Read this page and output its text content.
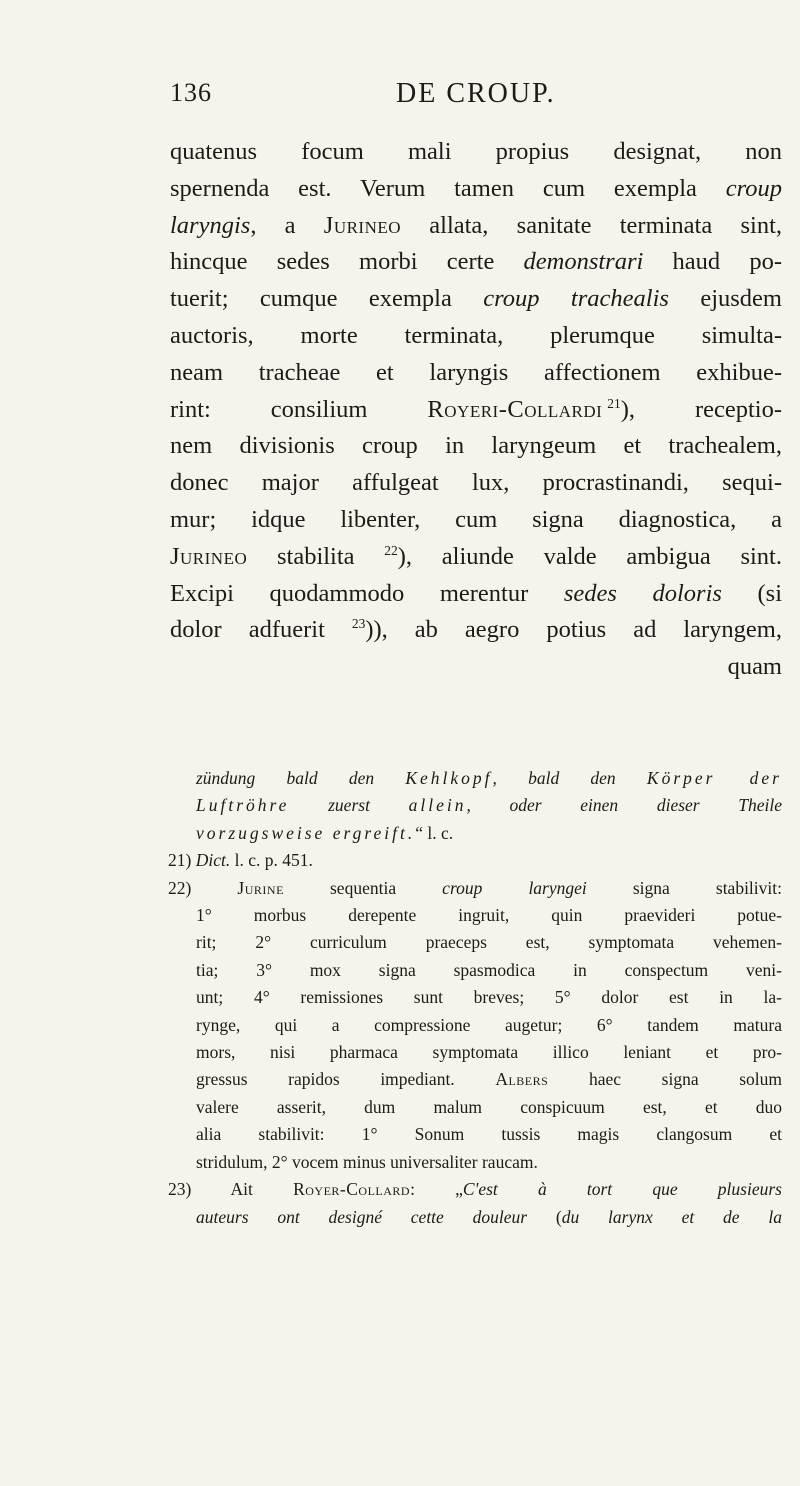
136	DE CROUP.
quatenus focum mali propius designat, non
spernenda est. Verum tamen cum exempla croup
laryngis, a Jurineo allata, sanitate terminata sint,
hincque sedes morbi certe demonstrari haud po-
tuerit; cumque exempla croup trachealis ejusdem
auctoris, morte terminata, plerumque simulta-
neam tracheae et laryngis affectionem exhibue-
rint: consilium Royeri-Collardi  $^{21}$), receptio-
nem divisionis croup in laryngeum et trachealem,
donec major affulgeat lux, procrastinandi, sequi-
mur; idque libenter, cum signa diagnostica, a
Jurineo stabilita $^{22}$), aliunde valde ambigua sint.
Excipi quodammodo merentur sedes doloris (si
dolor adfuerit $^{23}$)), ab aegro potius ad laryngem,
quam
zündung bald den Kehlkopf, bald den Körper der
Luftröhre zuerst allein, oder einen dieser Theile
vorzugsweise ergreift.“ l. c.
21) Dict. l. c. p. 451.
22)	Jurine sequentia croup laryngei signa stabilivit:
1° morbus derepente ingruit, quin praevideri potue-
rit; 2° curriculum praeceps est, symptomata vehemen-
tia; 3° mox signa spasmodica in conspectum veni-
unt; 4° remissiones sunt breves; 5° dolor est in la-
rynge, qui a compressione augetur; 6° tandem matura
mors, nisi pharmaca symptomata illico leniant et pro-
gressus rapidos impediant. Albers haec signa solum
valere asserit, dum malum conspicuum est, et duo
alia stabilivit: 1° Sonum tussis magis clangosum et
stridulum, 2° vocem minus universaliter raucam.
23) Ait Royer-Collard: „C'est à tort que plusieurs
auteurs ont designé cette douleur (du larynx et de la
